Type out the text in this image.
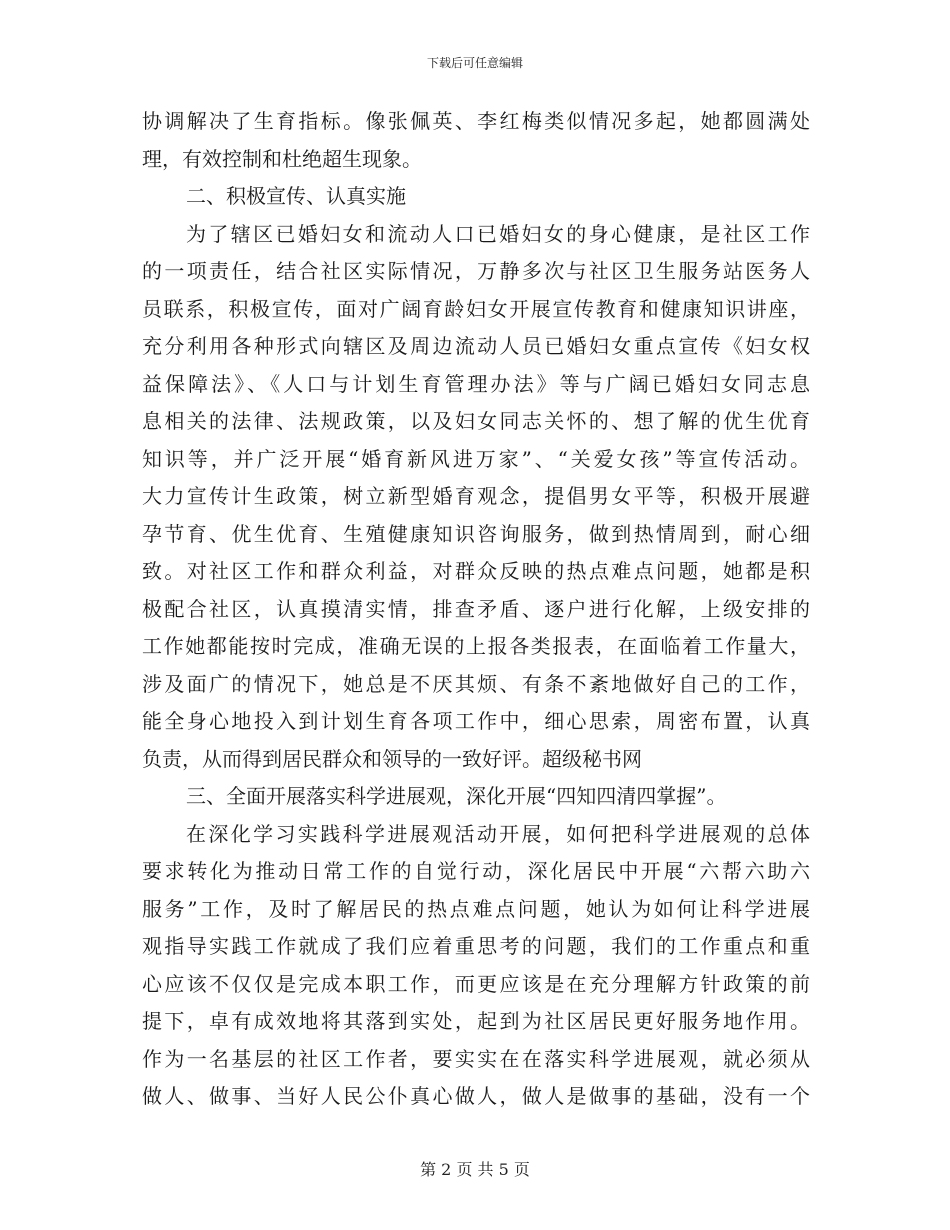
下载后可任意编辑
协调解决了生育指标。像张佩英、李红梅类似情况多起，她都圆满处
理，有效控制和杜绝超生现象。
二、积极宣传、认真实施
为了辖区已婚妇女和流动人口已婚妇女的身心健康，是社区工作
的一项责任，结合社区实际情况，万静多次与社区卫生服务站医务人
员联系，积极宣传，面对广阔育龄妇女开展宣传教育和健康知识讲座，
充分利用各种形式向辖区及周边流动人员已婚妇女重点宣传《妇女权
益保障法》、《人口与计划生育管理办法》等与广阔已婚妇女同志息
息相关的法律、法规政策，以及妇女同志关怀的、想了解的优生优育
知识等，并广泛开展“婚育新风进万家”、“关爱女孩”等宣传活动。
大力宣传计生政策，树立新型婚育观念，提倡男女平等，积极开展避
孕节育、优生优育、生殖健康知识咨询服务，做到热情周到，耐心细
致。对社区工作和群众利益，对群众反映的热点难点问题，她都是积
极配合社区，认真摸清实情，排查矛盾、逐户进行化解，上级安排的
工作她都能按时完成，准确无误的上报各类报表，在面临着工作量大，
涉及面广的情况下，她总是不厌其烦、有条不紊地做好自己的工作，
能全身心地投入到计划生育各项工作中，细心思索，周密布置，认真
负责，从而得到居民群众和领导的一致好评。超级秘书网
三、全面开展落实科学进展观，深化开展“四知四清四掌握”。
在深化学习实践科学进展观活动开展，如何把科学进展观的总体
要求转化为推动日常工作的自觉行动，深化居民中开展“六帮六助六
服务”工作，及时了解居民的热点难点问题，她认为如何让科学进展
观指导实践工作就成了我们应着重思考的问题，我们的工作重点和重
心应该不仅仅是完成本职工作，而更应该是在充分理解方针政策的前
提下，卓有成效地将其落到实处，起到为社区居民更好服务地作用。
作为一名基层的社区工作者，要实实在在落实科学进展观，就必须从
做人、做事、当好人民公仆真心做人，做人是做事的基础，没有一个
第 2 页 共 5 页
